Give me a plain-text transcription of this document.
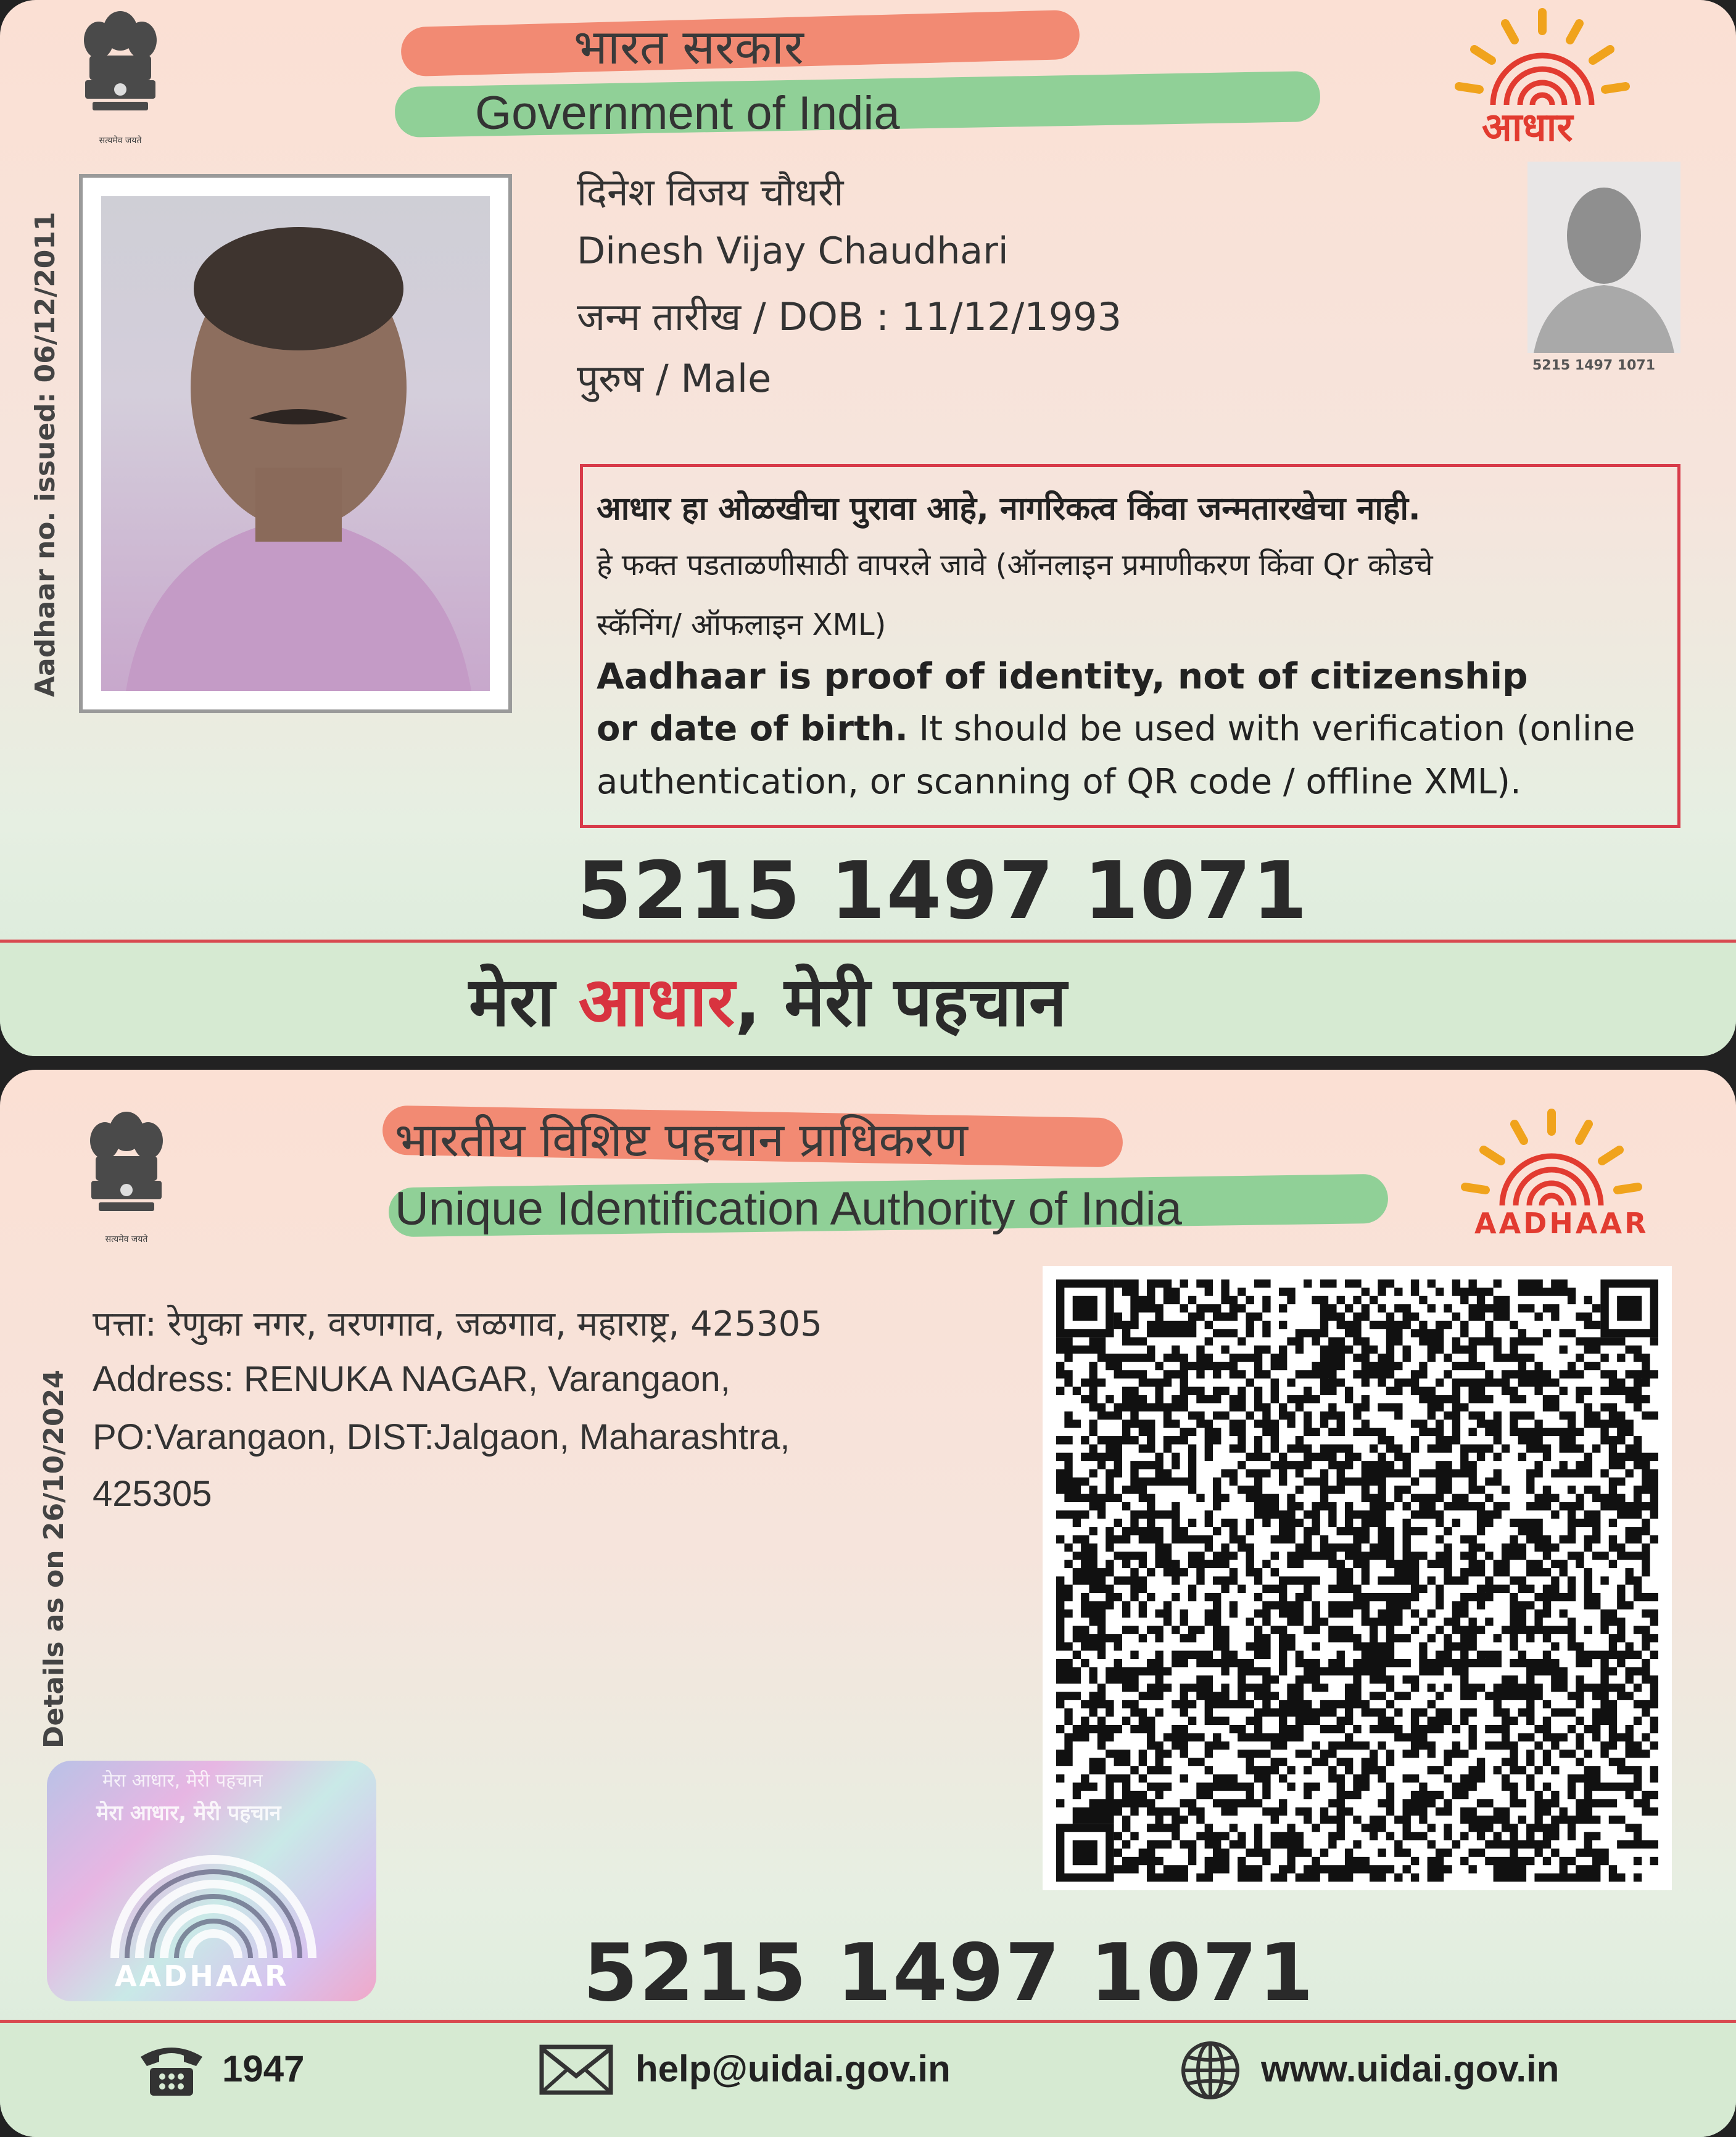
सत्यमेव जयते
भारत सरकार
Government of India	आधार
Aadhaar no. issued: 06/12/2011
दिनेश विजय चौधरी
Dinesh Vijay Chaudhari
जन्म तारीख / DOB : 11/12/1993
पुरुष / Male	5215 1497 1071
आधार हा ओळखीचा पुरावा आहे, नागरिकत्व किंवा जन्मतारखेचा नाही.
हे फक्त पडताळणीसाठी वापरले जावे (ऑनलाइन प्रमाणीकरण किंवा Qr कोडचे
स्कॅनिंग/ ऑफलाइन XML)
Aadhaar is proof of identity, not of citizenship
or date of birth. It should be used with verification (online
authentication, or scanning of QR code / offline XML).
5215 1497 1071
मेरा आधार, मेरी पहचान
सत्यमेव जयते
भारतीय विशिष्ट पहचान प्राधिकरण
Unique Identification Authority of India	AADHAAR
Details as on 26/10/2024
पत्ता: रेणुका नगर, वरणगाव, जळगाव, महाराष्ट्र, 425305
Address: RENUKA NAGAR, Varangaon,
PO:Varangaon, DIST:Jalgaon, Maharashtra,
425305
मेरा आधार, मेरी पहचान
मेरा आधार, मेरी पहचान
AADHAAR	5215 1497 1071
1947	help@uidai.gov.in	www.uidai.gov.in
